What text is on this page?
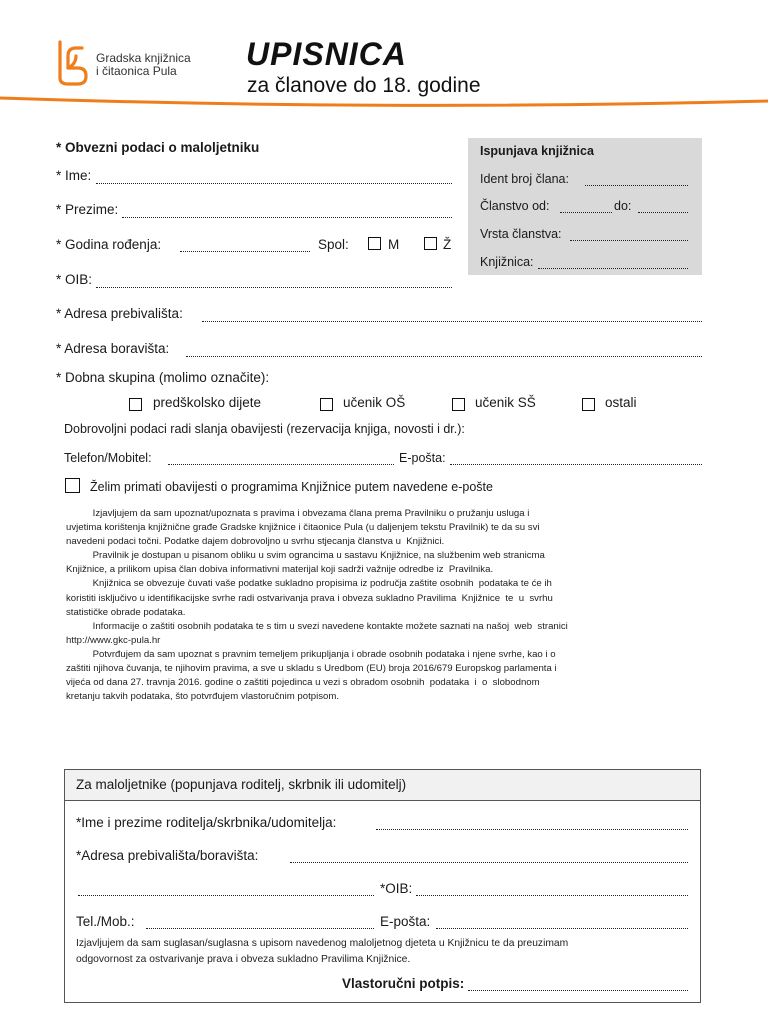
Gradska knjižnica
i čitaonica Pula	UPISNICA
za članove do 18. godine
Ispunjava knjižnica
Ident broj člana:
Članstvo od:	do:
Vrsta članstva:
Knjižnica:
* Obvezni podaci o maloljetniku
* Ime:
* Prezime:
* Godina rođenja:	Spol:	M	Ž
* OIB:
* Adresa prebivališta:
* Adresa boravišta:
* Dobna skupina (molimo označite):
predškolsko dijete	učenik OŠ	učenik SŠ	ostali
Dobrovoljni podaci radi slanja obavijesti (rezervacija knjiga, novosti i dr.):
Telefon/Mobitel:	E-pošta:
Želim primati obavijesti o programima Knjižnice putem navedene e-pošte
Izjavljujem da sam upoznat/upoznata s pravima i obvezama člana prema Pravilniku o pružanju usluga i
uvjetima korištenja knjižnične građe Gradske knjižnice i čitaonice Pula (u daljenjem tekstu Pravilnik) te da su svi
navedeni podaci točni. Podatke dajem dobrovoljno u svrhu stjecanja članstva u  Knjižnici.
Pravilnik je dostupan u pisanom obliku u svim ograncima u sastavu Knjižnice, na službenim web stranicma
Knjižnice, a prilikom upisa član dobiva informativni materijal koji sadrži važnije odredbe iz  Pravilnika.
Knjižnica se obvezuje čuvati vaše podatke sukladno propisima iz područja zaštite osobnih  podataka te će ih
koristiti isključivo u identifikacijske svrhe radi ostvarivanja prava i obveza sukladno Pravilima  Knjižnice  te  u  svrhu
statističke obrade podataka.
Informacije o zaštiti osobnih podataka te s tim u svezi navedene kontakte možete saznati na našoj  web  stranici
http://www.gkc-pula.hr
Potvrđujem da sam upoznat s pravnim temeljem prikupljanja i obrade osobnih podataka i njene svrhe, kao i o
zaštiti njihova čuvanja, te njihovim pravima, a sve u skladu s Uredbom (EU) broja 2016/679 Europskog parlamenta i
vijeća od dana 27. travnja 2016. godine o zaštiti pojedinca u vezi s obradom osobnih  podataka  i  o  slobodnom
kretanju takvih podataka, što potvrđujem vlastoručnim potpisom.
Za maloljetnike (popunjava roditelj, skrbnik ili udomitelj)
*Ime i prezime roditelja/skrbnika/udomitelja:
*Adresa prebivališta/boravišta:
*OIB:
Tel./Mob.:	E-pošta:
Izjavljujem da sam suglasan/suglasna s upisom navedenog maloljetnog djeteta u Knjižnicu te da preuzimam
odgovornost za ostvarivanje prava i obveza sukladno Pravilima Knjižnice.
Vlastoručni potpis:
